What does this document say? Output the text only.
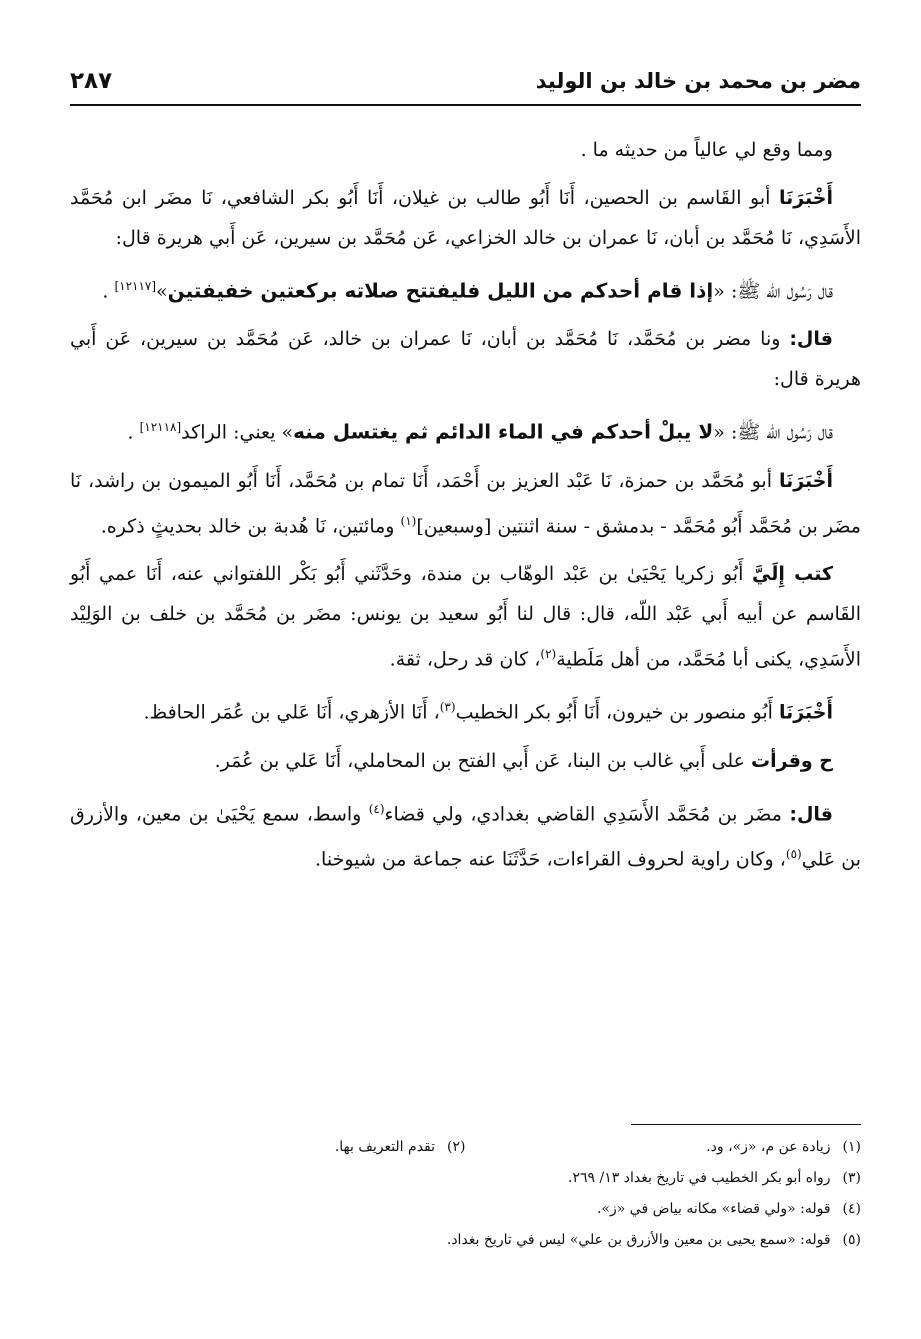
مضر بن محمد بن خالد بن الوليد
٢٨٧

ومما وقع لي عالياً من حديثه ما .

أَخْبَرَنَا أبو القَاسم بن الحصين، أَنَا أَبُو طالب بن غيلان، أَنَا أَبُو بكر الشافعي، نَا مضَر ابن مُحَمَّد الأَسَدِي، نَا مُحَمَّد بن أبان، نَا عمران بن خالد الخزاعي، عَن مُحَمَّد بن سيرين، عَن أَبي هريرة قال:

قال رَسُول الله ﷺ: «إذا قام أحدكم من الليل فليفتتح صلاته بركعتين خفيفتين»[١٢١١٧] .

قال: ونا مضر بن مُحَمَّد، نَا مُحَمَّد بن أبان، نَا عمران بن خالد، عَن مُحَمَّد بن سيرين، عَن أَبي هريرة قال:

قال رَسُول الله ﷺ: «لا يبلْ أحدكم في الماء الدائم ثم يغتسل منه» يعني: الراكد[١٢١١٨] .

أَخْبَرَنَا أبو مُحَمَّد بن حمزة، نَا عَبْد العزيز بن أَحْمَد، أَنَا تمام بن مُحَمَّد، أَنَا أَبُو الميمون بن راشد، نَا مضَر بن مُحَمَّد أَبُو مُحَمَّد - بدمشق - سنة اثنتين [وسبعين]$^{(١)}$ ومائتين، نَا هُدبة بن خالد بحديثٍ ذكره.

كتب إِلَيَّ أَبُو زكريا يَحْيَىٰ بن عَبْد الوهّاب بن مندة، وحَدَّثَني أَبُو بَكْر اللفتواني عنه، أَنَا عمي أَبُو القَاسم عن أبيه أَبي عَبْد اللّه، قال: قال لنا أَبُو سعيد بن يونس: مضَر بن مُحَمَّد بن خلف بن الوَلِيْد الأَسَدِي، يكنى أبا مُحَمَّد، من أهل مَلَطية$^{(٢)}$، كان قد رحل، ثقة.

أَخْبَرَنَا أَبُو منصور بن خيرون، أَنَا أَبُو بكر الخطيب$^{(٣)}$، أَنَا الأزهري، أَنَا عَلي بن عُمَر الحافظ.

ح وقرأت على أَبي غالب بن البنا، عَن أَبي الفتح بن المحاملي، أَنَا عَلي بن عُمَر.

قال: مضَر بن مُحَمَّد الأَسَدِي القاضي بغدادي، ولي قضاء$^{(٤)}$ واسط، سمع يَحْيَىٰ بن معين، والأزرق بن عَلي$^{(٥)}$، وكان راوية لحروف القراءات، حَدَّثَنَا عنه جماعة من شيوخنا.

(١)
زيادة عن م، «ز»، ود.
(٢)
تقدم التعريف بها.
(٣)
رواه أبو بكر الخطيب في تاريخ بغداد ١٣/ ٢٦٩.
(٤)
قوله: «ولي قضاء» مكانه بياض في «ز».
(٥)
قوله: «سمع يحيى بن معين والأزرق بن علي» ليس في تاريخ بغداد.
